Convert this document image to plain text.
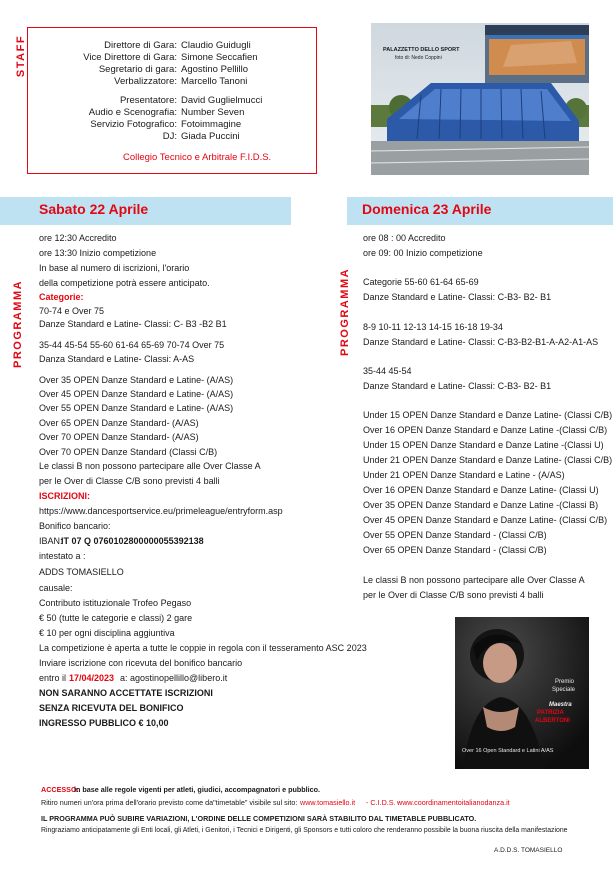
STAFF	Direttore di Gara: Claudio Guidugli
Vice Direttore di Gara: Simone Seccafien
Segretario di gara: Agostino Pellillo
Verbalizzatore: Marcello Tanoni
Presentatore: David Guglielmucci
Audio e Scenografia: Number Seven
Servizio Fotografico: Fotoimmagine
DJ: Giada Puccini
Collegio Tecnico e Arbitrale F.I.D.S.
PALAZZETTO DELLO SPORT
foto di: Nedo Coppini
Sabato 22 Aprile	Domenica 23 Aprile
PROGRAMMA	PROGRAMMA
ore 12:30 Accredito
ore 13:30 Inizio competizione
In base al numero di iscrizioni, l'orario
della competizione potrà essere anticipato.
Categorie:
70-74 e Over 75
Danze Standard e Latine- Classi: C- B3 -B2 B1
35-44 45-54 55-60 61-64 65-69 70-74 Over 75
Danza Standard e Latine- Classi: A-AS
Over 35 OPEN Danze Standard e Latine- (A/AS)
Over 45 OPEN Danze Standard e Latine- (A/AS)
Over 55 OPEN Danze Standard e Latine- (A/AS)
Over 65 OPEN Danze Standard- (A/AS)
Over 70 OPEN Danze Standard- (A/AS)
Over 70 OPEN Danze Standard (Classi C/B)
Le classi B non possono partecipare alle Over Classe A
per le Over di Classe C/B sono previsti 4 balli
ISCRIZIONI:
https://www.dancesportservice.eu/primeleague/entryform.asp
Bonifico bancario:
IBAN:
IT 07 Q 0760102800000055392138
intestato a :
ADDS TOMASIELLO
causale:
Contributo istituzionale Trofeo Pegaso
€ 50 (tutte le categorie e classi) 2 gare
€ 10 per ogni disciplina aggiuntiva
La competizione è aperta a tutte le coppie in regola con il tesseramento ASC 2023
Inviare iscrizione con ricevuta del bonifico bancario
entro il 17/04/2023 a: agostinopellillo@libero.it
NON SARANNO ACCETTATE ISCRIZIONI
SENZA RICEVUTA DEL BONIFICO
INGRESSO PUBBLICO € 10,00
ore 08 : 00 Accredito
ore 09: 00 Inizio competizione
Categorie 55-60 61-64 65-69
Danze Standard e Latine- Classi: C-B3- B2- B1
8-9 10-11 12-13 14-15 16-18 19-34
Danze Standard e Latine- Classi: C-B3-B2-B1-A-A2-A1-AS
35-44 45-54
Danze Standard e Latine- Classi: C-B3- B2- B1
Under 15 OPEN Danze Standard e Danze Latine- (Classi C/B)
Over 16 OPEN Danze Standard e Danze Latine -(Classi C/B)
Under 15 OPEN Danze Standard e Danze Latine -(Classi U)
Under 21 OPEN Danze Standard e Danze Latine- (Classi C/B)
Under 21 OPEN Danze Standard e Latine - (A/AS)
Over 16 OPEN Danze Standard e Danze Latine- (Classi U)
Over 35 OPEN Danze Standard e Danze Latine -(Classi B)
Over 45 OPEN Danze Standard e Danze Latine- (Classi C/B)
Over 55 OPEN Danze Standard - (Classi C/B)
Over 65 OPEN Danze Standard - (Classi C/B)
Le classi B non possono partecipare alle Over Classe A
per le Over di Classe C/B sono previsti 4 balli
Premio
Speciale
Maestra
PATRIZIA
ALBERTONI
Over 16 Open Standard e Latini A/AS
ACCESSO:
in base alle regole vigenti per atleti, giudici, accompagnatori e pubblico.
Ritiro numeri un'ora prima dell'orario previsto come da"timetable" visibile sul sito: www.tomasiello.it - C.I.D.S. -
www.coordinamentoitalianodanza.it
IL PROGRAMMA PUÒ SUBIRE VARIAZIONI, L'ORDINE DELLE COMPETIZIONI SARÀ STABILITO DAL TIMETABLE PUBBLICATO.
Ringraziamo anticipatamente gli Enti locali, gli Atleti, i Genitori, i Tecnici e Dirigenti, gli Sponsors e tutti coloro che renderanno possibile la buona riuscita della manifestazione
A.D.D.S. TOMASIELLO
